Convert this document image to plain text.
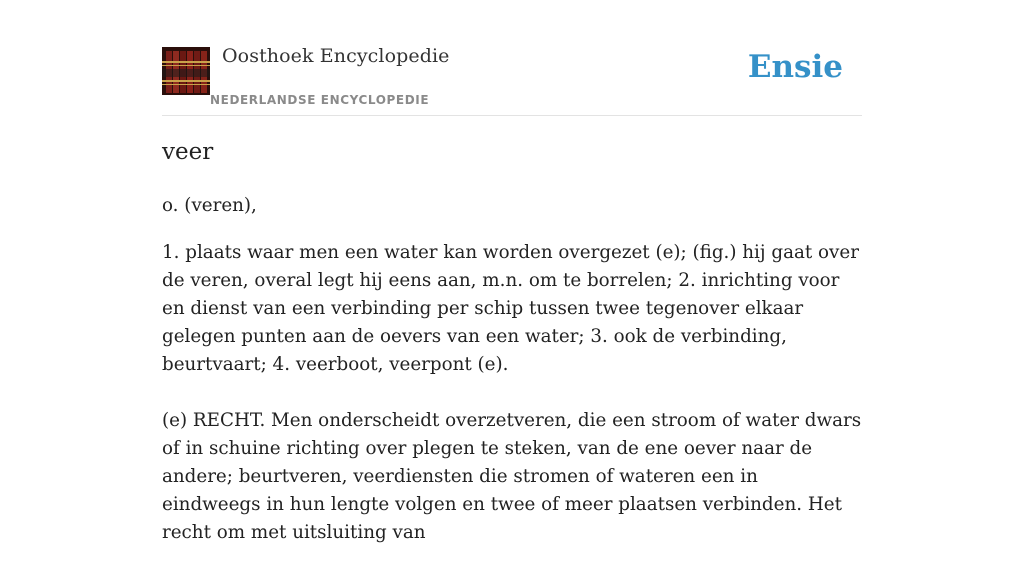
Oosthoek Encyclopedie
NEDERLANDSE ENCYCLOPEDIE
Ensie
veer

o. (veren),

1. plaats waar men een water kan worden overgezet (e); (fig.) hij gaat over de veren, overal legt hij eens aan, m.n. om te borrelen; 2. inrichting voor en dienst van een verbinding per schip tussen twee tegenover elkaar gelegen punten aan de oevers van een water; 3. ook de verbinding, beurtvaart; 4. veerboot, veerpont (e).

(e) RECHT. Men onderscheidt overzetveren, die een stroom of water dwars of in schuine richting over plegen te steken, van de ene oever naar de andere; beurtveren, veerdiensten die stromen of wateren een in eindweegs in hun lengte volgen en twee of meer plaatsen verbinden. Het recht om met uitsluiting van
